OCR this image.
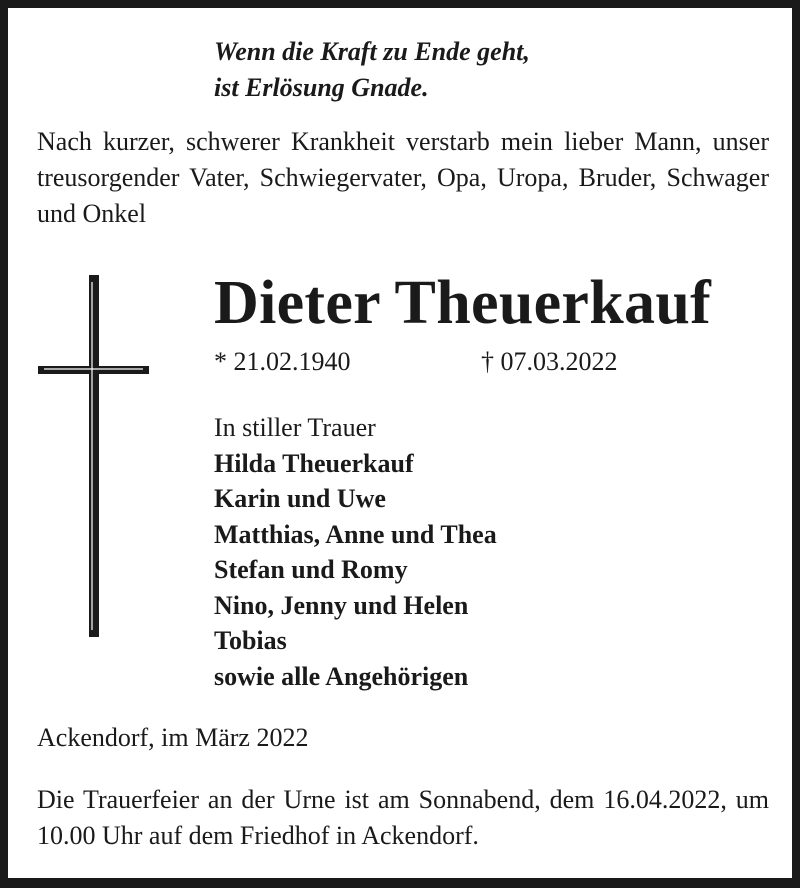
Wenn die Kraft zu Ende geht,
ist Erlösung Gnade.
Nach kurzer, schwerer Krankheit verstarb mein lieber Mann, unser treusorgender Vater, Schwiegervater, Opa, Uropa, Bruder, Schwager und Onkel
Dieter Theuerkauf
* 21.02.1940	† 07.03.2022
In stiller Trauer
Hilda Theuerkauf
Karin und Uwe
Matthias, Anne und Thea
Stefan und Romy
Nino, Jenny und Helen
Tobias
sowie alle Angehörigen
Ackendorf, im März 2022
Die Trauerfeier an der Urne ist am Sonnabend, dem 16.04.2022, um 10.00 Uhr auf dem Friedhof in Ackendorf.
